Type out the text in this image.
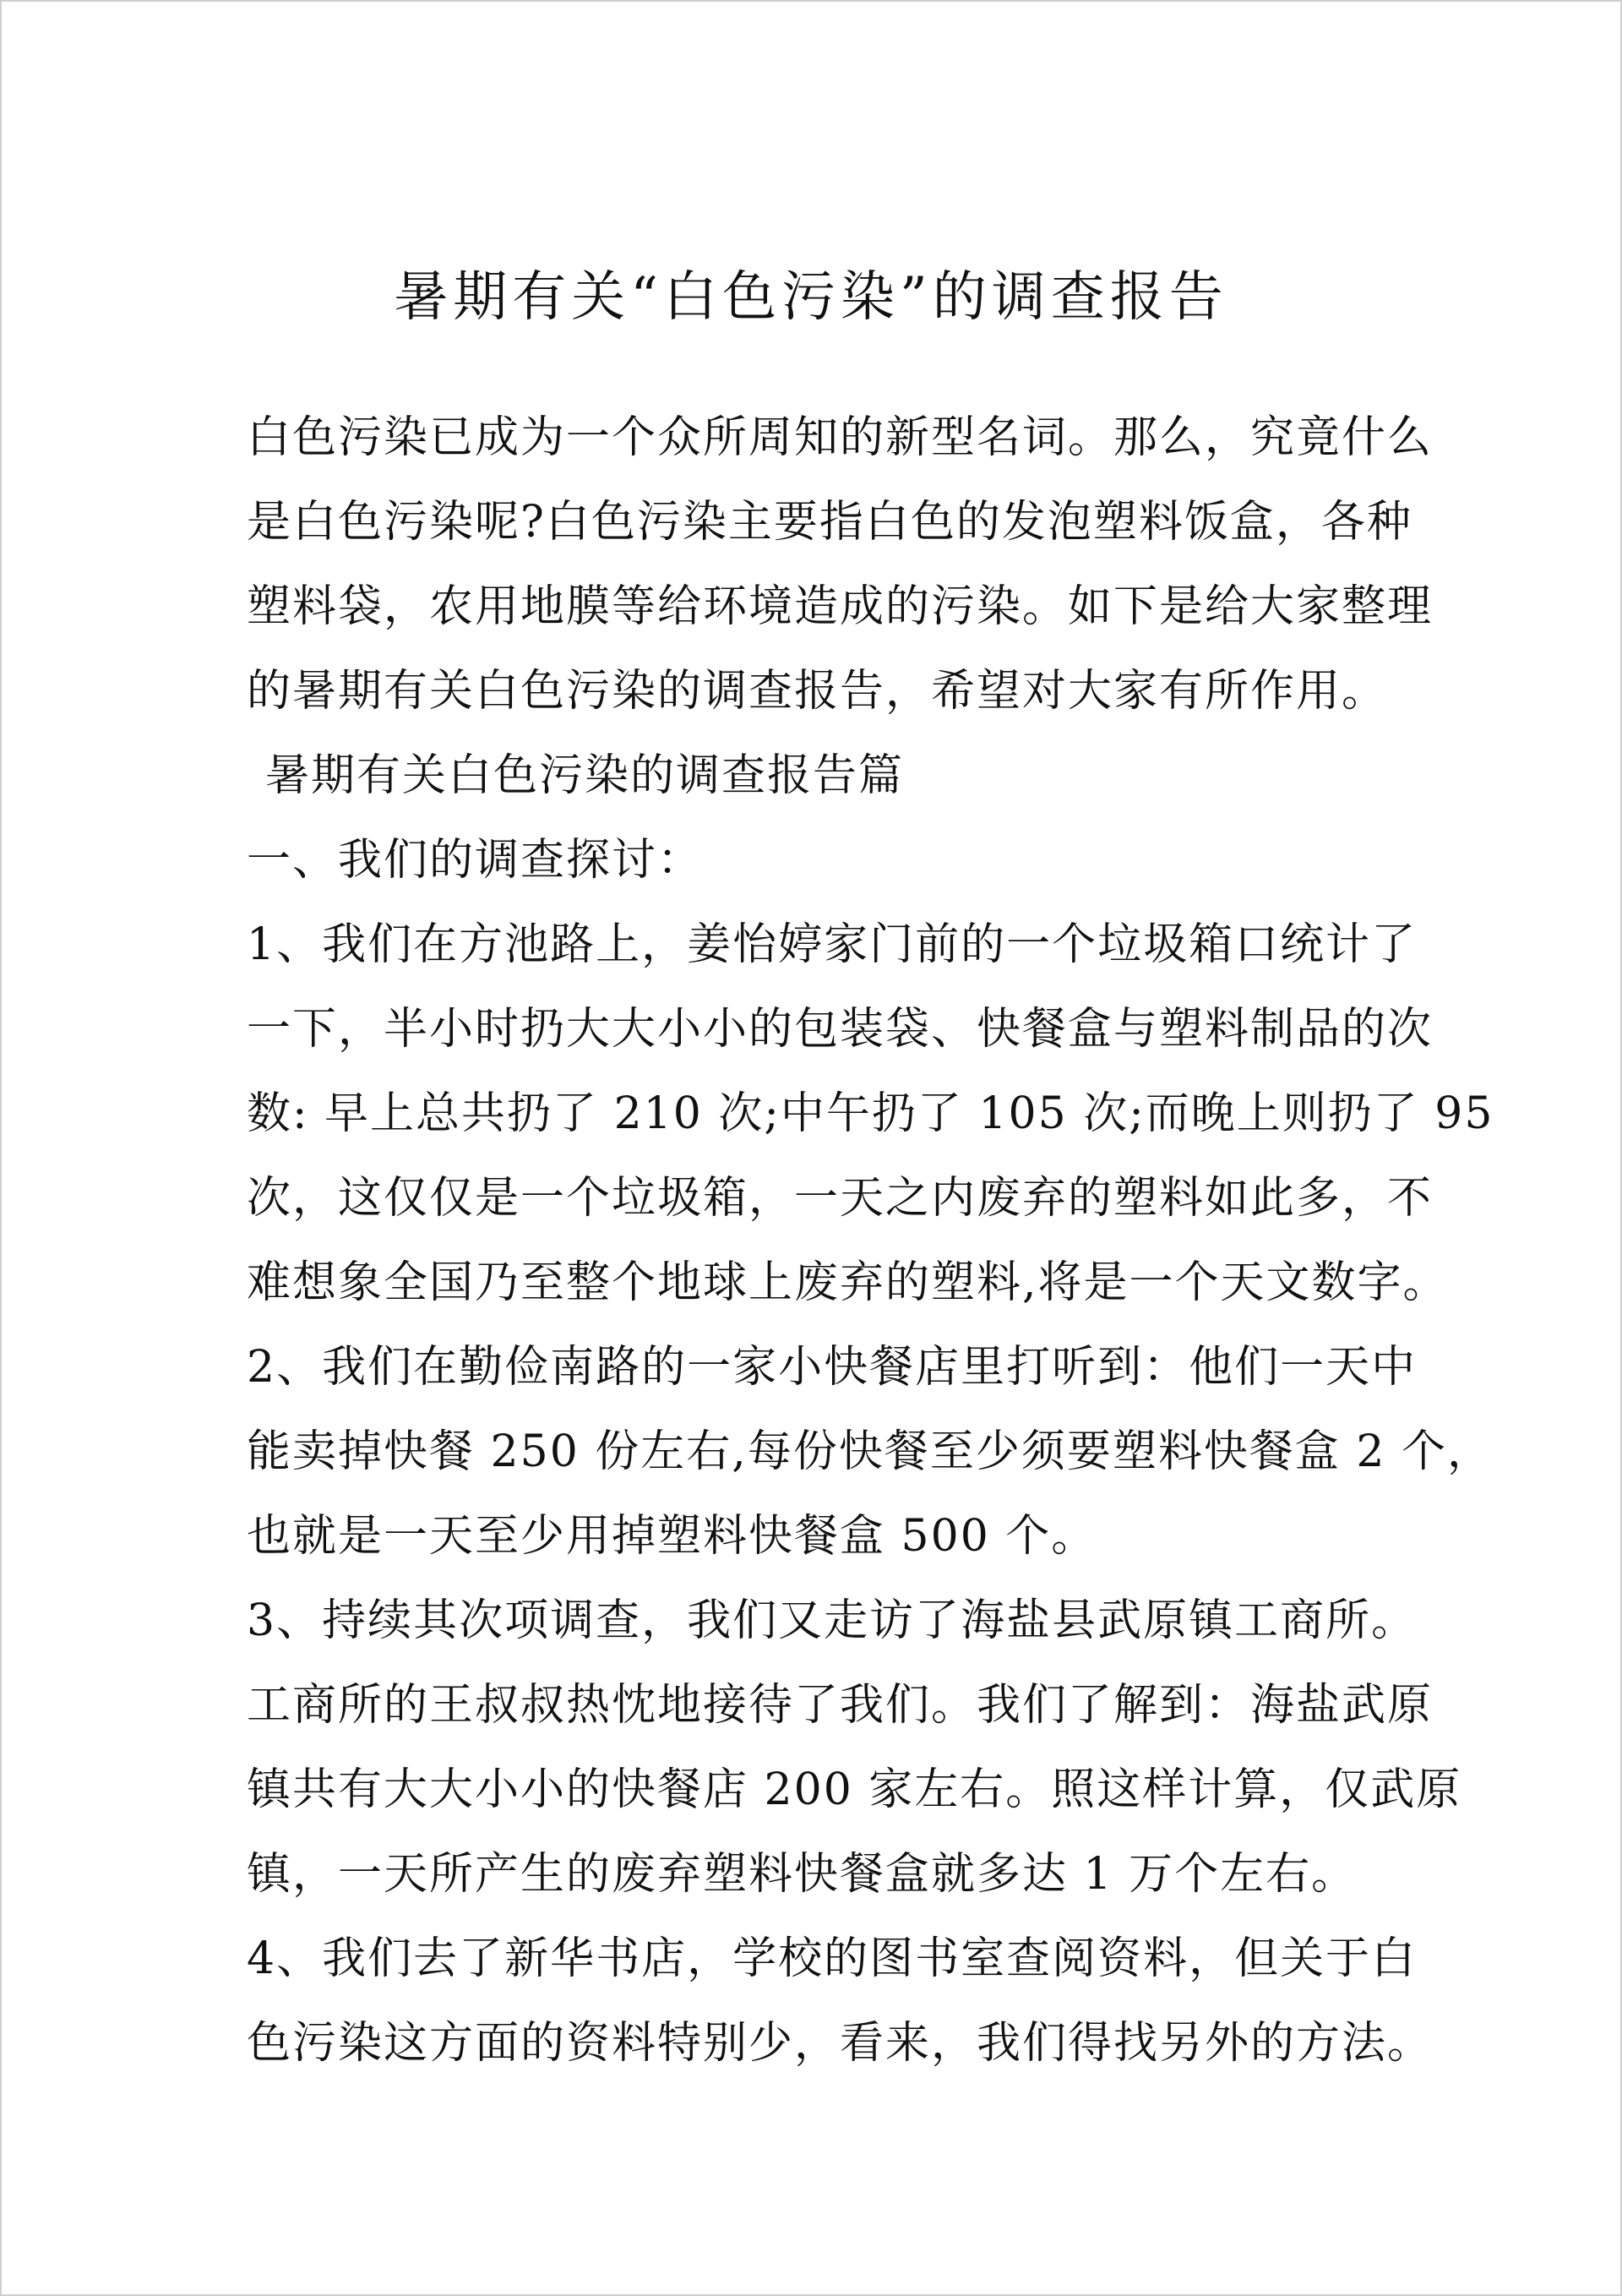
暑期有关“白色污染”的调查报告
白色污染已成为一个众所周知的新型名词。那么，究竟什么
是白色污染呢?白色污染主要指白色的发泡塑料饭盒，各种
塑料袋，农用地膜等给环境造成的污染。如下是给大家整理
的暑期有关白色污染的调查报告，希望对大家有所作用。
暑期有关白色污染的调查报告篇
一、我们的调查探讨：
1、我们在方池路上，姜怡婷家门前的一个垃圾箱口统计了
一下，半小时扔大大小小的包装袋、快餐盒与塑料制品的次
数: 早上总共扔了 210 次;中午扔了 105 次;而晚上则扔了 95
次，这仅仅是一个垃圾箱，一天之内废弃的塑料如此多，不
难想象全国乃至整个地球上废弃的塑料,将是一个天文数字。
2、我们在勤俭南路的一家小快餐店里打听到：他们一天中
能卖掉快餐 250 份左右,每份快餐至少须要塑料快餐盒 2 个，
也就是一天至少用掉塑料快餐盒 500 个。
3、持续其次项调查，我们又走访了海盐县武原镇工商所。
工商所的王叔叔热忱地接待了我们。我们了解到：海盐武原
镇共有大大小小的快餐店 200 家左右。照这样计算，仅武原
镇，一天所产生的废弃塑料快餐盒就多达 1 万个左右。
4、我们去了新华书店，学校的图书室查阅资料，但关于白
色污染这方面的资料特别少，看来，我们得找另外的方法。
